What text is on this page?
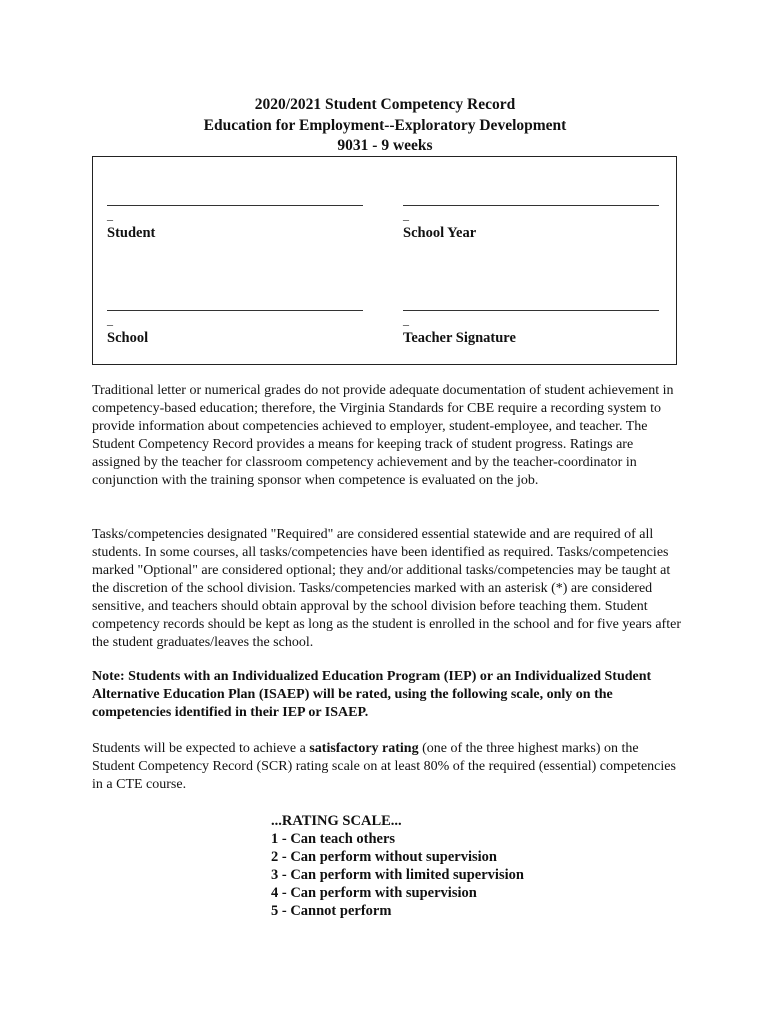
2020/2021 Student Competency Record
Education for Employment--Exploratory Development
9031 - 9 weeks
_
Student
_
School Year
_
School
_
Teacher Signature
Traditional letter or numerical grades do not provide adequate documentation of student achievement in competency-based education; therefore, the Virginia Standards for CBE require a recording system to provide information about competencies achieved to employer, student-employee, and teacher. The Student Competency Record provides a means for keeping track of student progress. Ratings are assigned by the teacher for classroom competency achievement and by the teacher-coordinator in conjunction with the training sponsor when competence is evaluated on the job.
Tasks/competencies designated "Required" are considered essential statewide and are required of all students. In some courses, all tasks/competencies have been identified as required. Tasks/competencies marked "Optional" are considered optional; they and/or additional tasks/competencies may be taught at the discretion of the school division. Tasks/competencies marked with an asterisk (*) are considered sensitive, and teachers should obtain approval by the school division before teaching them. Student competency records should be kept as long as the student is enrolled in the school and for five years after the student graduates/leaves the school.
Note: Students with an Individualized Education Program (IEP) or an Individualized Student Alternative Education Plan (ISAEP) will be rated, using the following scale, only on the competencies identified in their IEP or ISAEP.
Students will be expected to achieve a satisfactory rating (one of the three highest marks) on the Student Competency Record (SCR) rating scale on at least 80% of the required (essential) competencies in a CTE course.
...RATING SCALE...
1 - Can teach others
2 - Can perform without supervision
3 - Can perform with limited supervision
4 - Can perform with supervision
5 - Cannot perform
